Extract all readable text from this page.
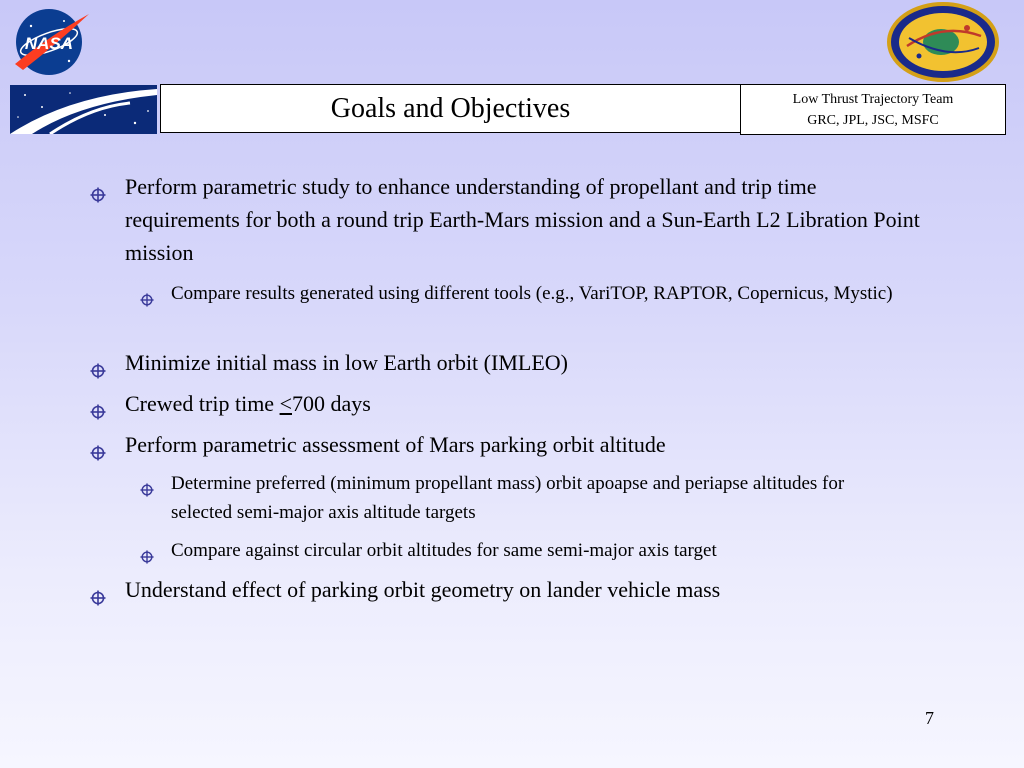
NASA
Goals and Objectives	Low Thrust Trajectory Team
GRC, JPL, JSC, MSFC
Perform parametric study to enhance understanding of propellant and trip time requirements for both a round trip Earth-Mars mission and a Sun-Earth L2 Libration Point mission
Compare results generated using different tools (e.g., VariTOP, RAPTOR, Copernicus, Mystic)
Minimize initial mass in low Earth orbit (IMLEO)
Crewed trip time ≤700 days
Perform parametric assessment of Mars parking orbit altitude
Determine preferred (minimum propellant mass) orbit apoapse and periapse altitudes for selected semi-major axis altitude targets
Compare against circular orbit altitudes for same semi-major axis target
Understand effect of parking orbit geometry on lander vehicle mass
7
